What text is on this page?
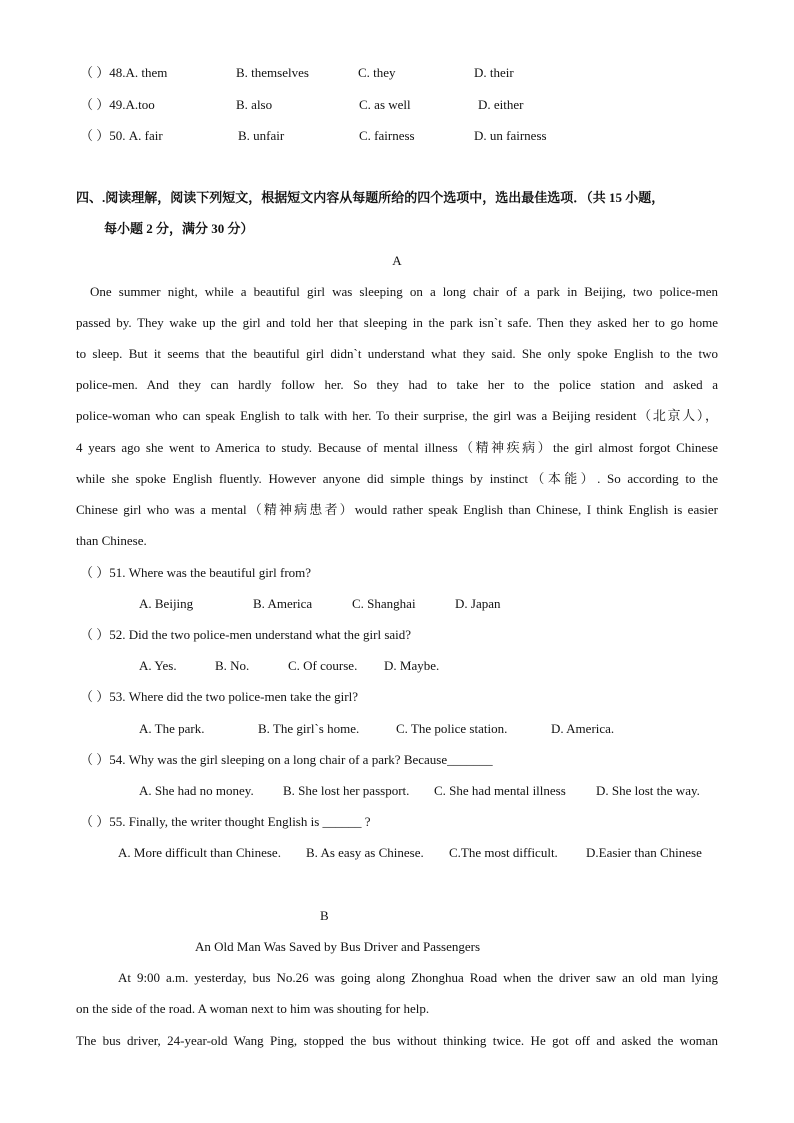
（ ）48.A. them	B. themselves	C. they	D. their
（ ）49.A.too	B. also	C. as well	D. either
（ ）50. A. fair	B. unfair	C. fairness	D. un fairness
四、.阅读理解，阅读下列短文，根据短文内容从每题所给的四个选项中，选出最佳选项．（共 15 小题，
每小题 2 分，满分 30 分）
A
One summer night, while a beautiful girl was sleeping on a long chair of a park in Beijing, two police-men
passed by. They wake up the girl and told her that sleeping in the park isn`t safe. Then they asked her to go home
to sleep. But it seems that the beautiful girl didn`t understand what they said. She only spoke English to the two
police-men. And they can hardly follow her. So they had to take her to the police station and asked a
police-woman who can speak English to talk with her. To their surprise, the girl was a Beijing resident（北京人），
4 years ago she went to America to study. Because of mental illness（精神疾病）the girl almost forgot Chinese
while she spoke English fluently. However anyone did simple things by instinct（本能）. So according to the
Chinese girl who was a mental（精神病患者）would rather speak English than Chinese, I think English is easier
than Chinese.
（ ）51. Where was the beautiful girl from?
A. Beijing	B. America	C. Shanghai	D. Japan
（ ）52. Did the two police-men understand what the girl said?
A. Yes.	B. No.	C. Of course. D. Maybe.
（ ）53. Where did the two police-men take the girl?
A. The park.	B. The girl`s home.	C. The police station.	D. America.
（ ）54. Why was the girl sleeping on a long chair of a park? Because_______
A. She had no money. B. She lost her passport. C. She had mental illness D. She lost the way.
（ ）55. Finally, the writer thought English is ______ ?
A. More difficult than Chinese. B. As easy as Chinese. C.The most difficult. D.Easier than Chinese
B
An Old Man Was Saved by Bus Driver and Passengers
At 9:00 a.m. yesterday, bus No.26 was going along Zhonghua Road when the driver saw an old man lying
on the side of the road. A woman next to him was shouting for help.
The bus driver, 24-year-old Wang Ping, stopped the bus without thinking twice. He got off and asked the woman
